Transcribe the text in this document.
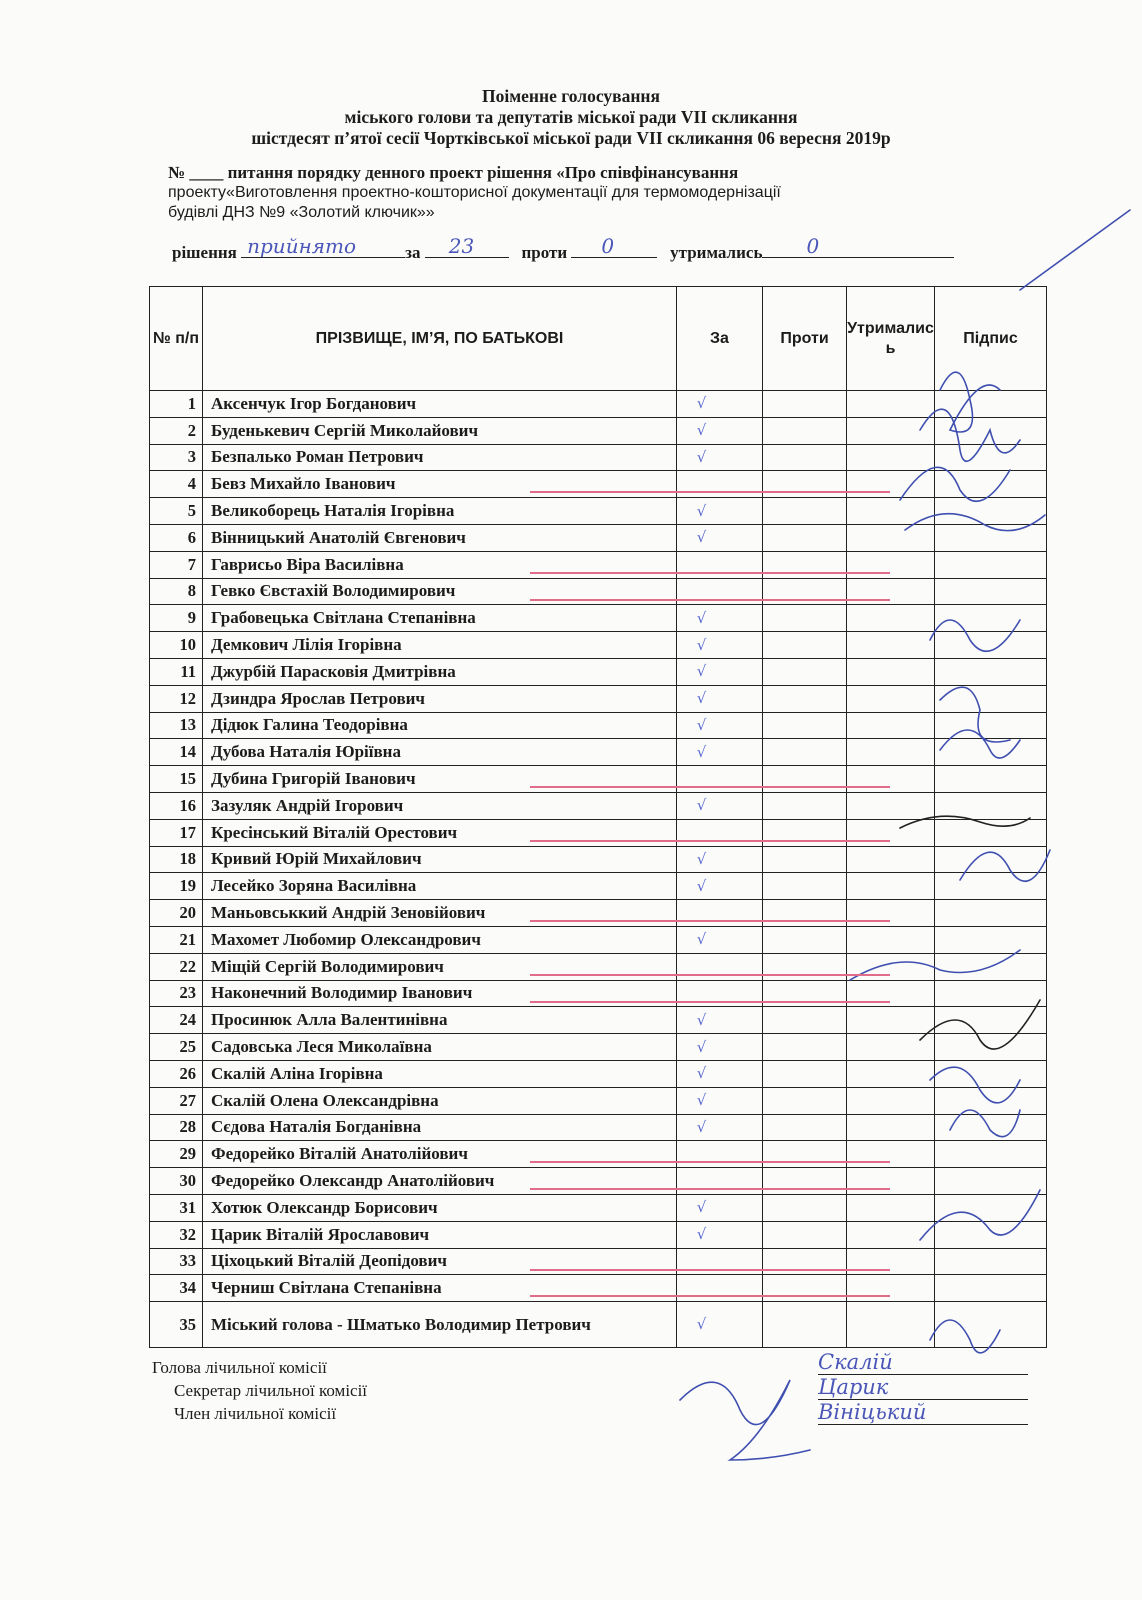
Поіменне голосування

міського голови та депутатів міської ради VII скликання

шістдесят п’ятої сесії Чортківської міської ради VII скликання 06 вересня 2019р

№ ____ питання порядку денного проект рішення «Про співфінансування
проекту«Виготовлення проектно-кошторисної документації для термомодернізації
будівлі ДНЗ №9 «Золотий ключик»»
рішення прийнято	за 23	проти 0	утримались 0
№ п/п	ПРІЗВИЩЕ, ІМ’Я, ПО БАТЬКОВІ	За	Проти	Утрималис ь	Підпис
1	Аксенчук Ігор Богданович	√			
2	Буденькевич Сергій Миколайович	√			
3	Безпалько Роман Петрович	√			
4	Бевз Михайло Іванович				
5	Великоборець Наталія Ігорівна	√			
6	Вінницький Анатолій Євгенович	√			
7	Гаврисьо Віра Василівна				
8	Гевко Євстахій Володимирович				
9	Грабовецька Світлана Степанівна	√			
10	Демкович Лілія Ігорівна	√			
11	Джурбій Парасковія Дмитрівна	√			
12	Дзиндра Ярослав Петрович	√			
13	Дідюк Галина Теодорівна	√			
14	Дубова Наталія Юріївна	√			
15	Дубина Григорій Іванович				
16	Зазуляк Андрій Ігорович	√			
17	Кресінський Віталій Орестович				
18	Кривий Юрій Михайлович	√			
19	Лесейко Зоряна Василівна	√			
20	Маньовськкий Андрій Зеновійович				
21	Махомет Любомир Олександрович	√			
22	Міщій Сергій Володимирович				
23	Наконечний Володимир Іванович				
24	Просинюк Алла Валентинівна	√			
25	Садовська Леся Миколаївна	√			
26	Скалій Аліна Ігорівна	√			
27	Скалій Олена Олександрівна	√			
28	Сєдова Наталія Богданівна	√			
29	Федорейко Віталій Анатолійович				
30	Федорейко Олександр Анатолійович				
31	Хотюк Олександр Борисович	√			
32	Царик Віталій Ярославович	√			
33	Ціхоцький Віталій Деопідович				
34	Черниш Світлана Степанівна				
35	Міський голова - Шматько Володимир Петрович	√			
Голова лічильної комісії
Секретар лічильної комісії
Член лічильної комісії
Скалій
Царик
Вініцький
